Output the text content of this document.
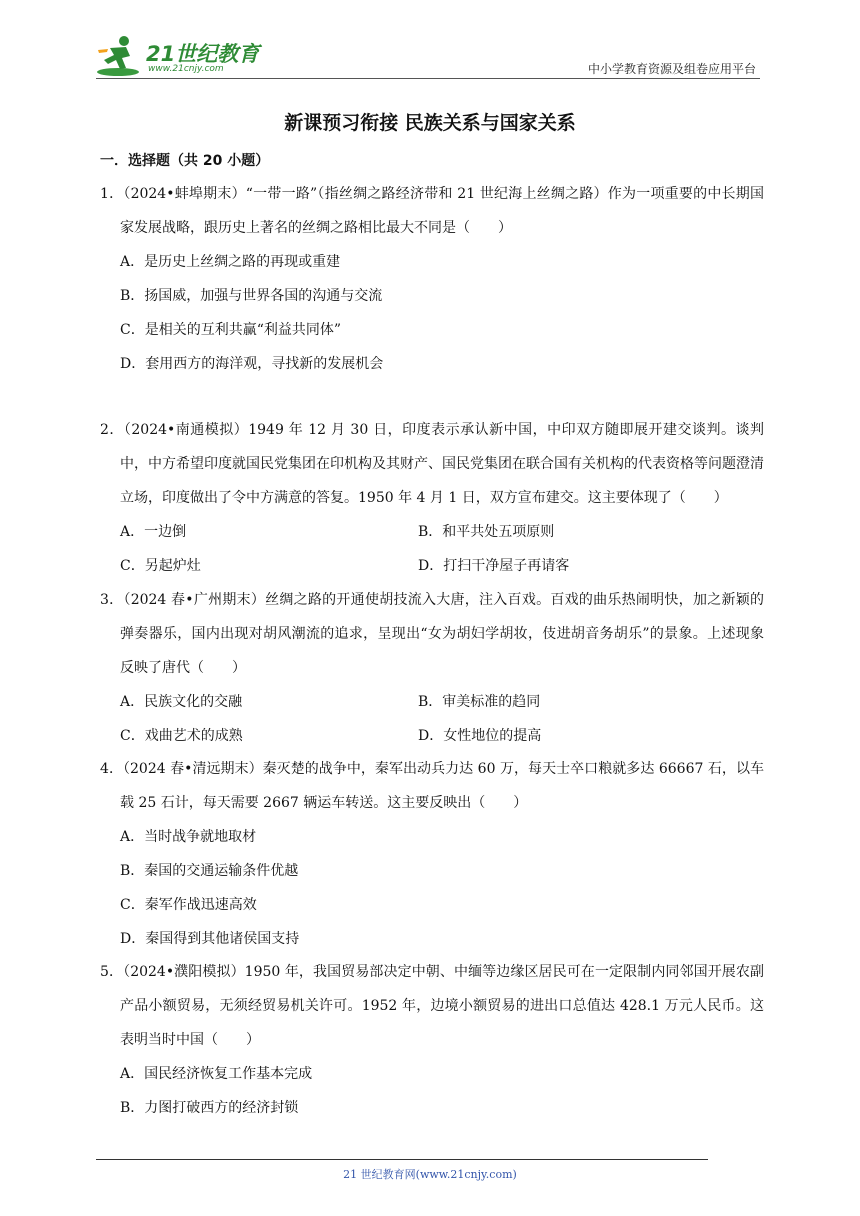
21世纪教育
www.21cnjy.com	中小学教育资源及组卷应用平台
新课预习衔接 民族关系与国家关系
一．选择题（共 20 小题）
1．（2024•蚌埠期末）“一带一路”（指丝绸之路经济带和 21 世纪海上丝绸之路）作为一项重要的中长期国家发展战略，跟历史上著名的丝绸之路相比最大不同是（　　）
A．是历史上丝绸之路的再现或重建
B．扬国威，加强与世界各国的沟通与交流
C．是相关的互利共赢“利益共同体”
D．套用西方的海洋观，寻找新的发展机会
2．（2024•南通模拟）1949 年 12 月 30 日，印度表示承认新中国，中印双方随即展开建交谈判。谈判中，中方希望印度就国民党集团在印机构及其财产、国民党集团在联合国有关机构的代表资格等问题澄清立场，印度做出了令中方满意的答复。1950 年 4 月 1 日，双方宣布建交。这主要体现了（　　）
A．一边倒	B．和平共处五项原则
C．另起炉灶	D．打扫干净屋子再请客
3．（2024 春•广州期末）丝绸之路的开通使胡技流入大唐，注入百戏。百戏的曲乐热闹明快，加之新颖的弹奏器乐，国内出现对胡风潮流的追求，呈现出“女为胡妇学胡妆，伎进胡音务胡乐”的景象。上述现象反映了唐代（　　）
A．民族文化的交融	B．审美标准的趋同
C．戏曲艺术的成熟	D．女性地位的提高
4．（2024 春•清远期末）秦灭楚的战争中，秦军出动兵力达 60 万，每天士卒口粮就多达 66667 石，以车载 25 石计，每天需要 2667 辆运车转送。这主要反映出（　　）
A．当时战争就地取材
B．秦国的交通运输条件优越
C．秦军作战迅速高效
D．秦国得到其他诸侯国支持
5．（2024•濮阳模拟）1950 年，我国贸易部决定中朝、中缅等边缘区居民可在一定限制内同邻国开展农副产品小额贸易，无须经贸易机关许可。1952 年，边境小额贸易的进出口总值达 428.1 万元人民币。这表明当时中国（　　）
A．国民经济恢复工作基本完成
B．力图打破西方的经济封锁
21 世纪教育网(www.21cnjy.com)
